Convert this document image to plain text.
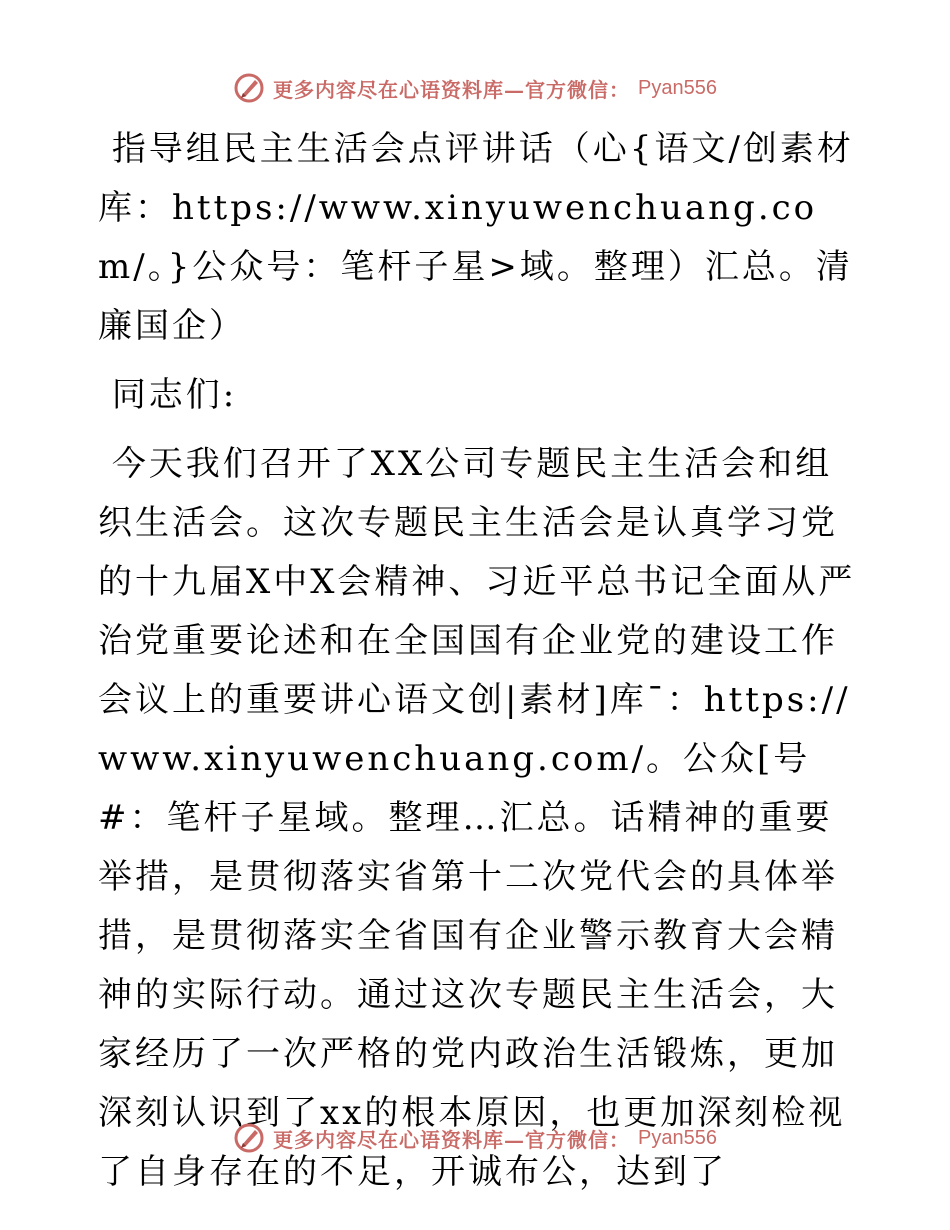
更多内容尽在心语资料库—官方微信： Pyan556

指导组民主生活会点评讲话（心{语文/创素材库：https://www.xinyuwenchuang.com/。}公众号：笔杆子星>域。整理）汇总。清廉国企）

同志们:

今天我们召开了XX公司专题民主生活会和组织生活会。这次专题民主生活会是认真学习党的十九届X中X会精神、习近平总书记全面从严治党重要论述和在全国国有企业党的建设工作会议上的重要讲心语文创|素材]库¯：https://
www.xinyuwenchuang.com/。公众[号#：笔杆子星域。整理…汇总。话精神的重要举措，是贯彻落实省第十二次党代会的具体举措，是贯彻落实全省国有企业警示教育大会精神的实际行动。通过这次专题民主生活会，大家经历了一次严格的党内政治生活锻炼，更加深刻认识到了xx的根本原因，也更加深刻检视了自身存在的不足，开诚布公，达到了

更多内容尽在心语资料库—官方微信： Pyan556
